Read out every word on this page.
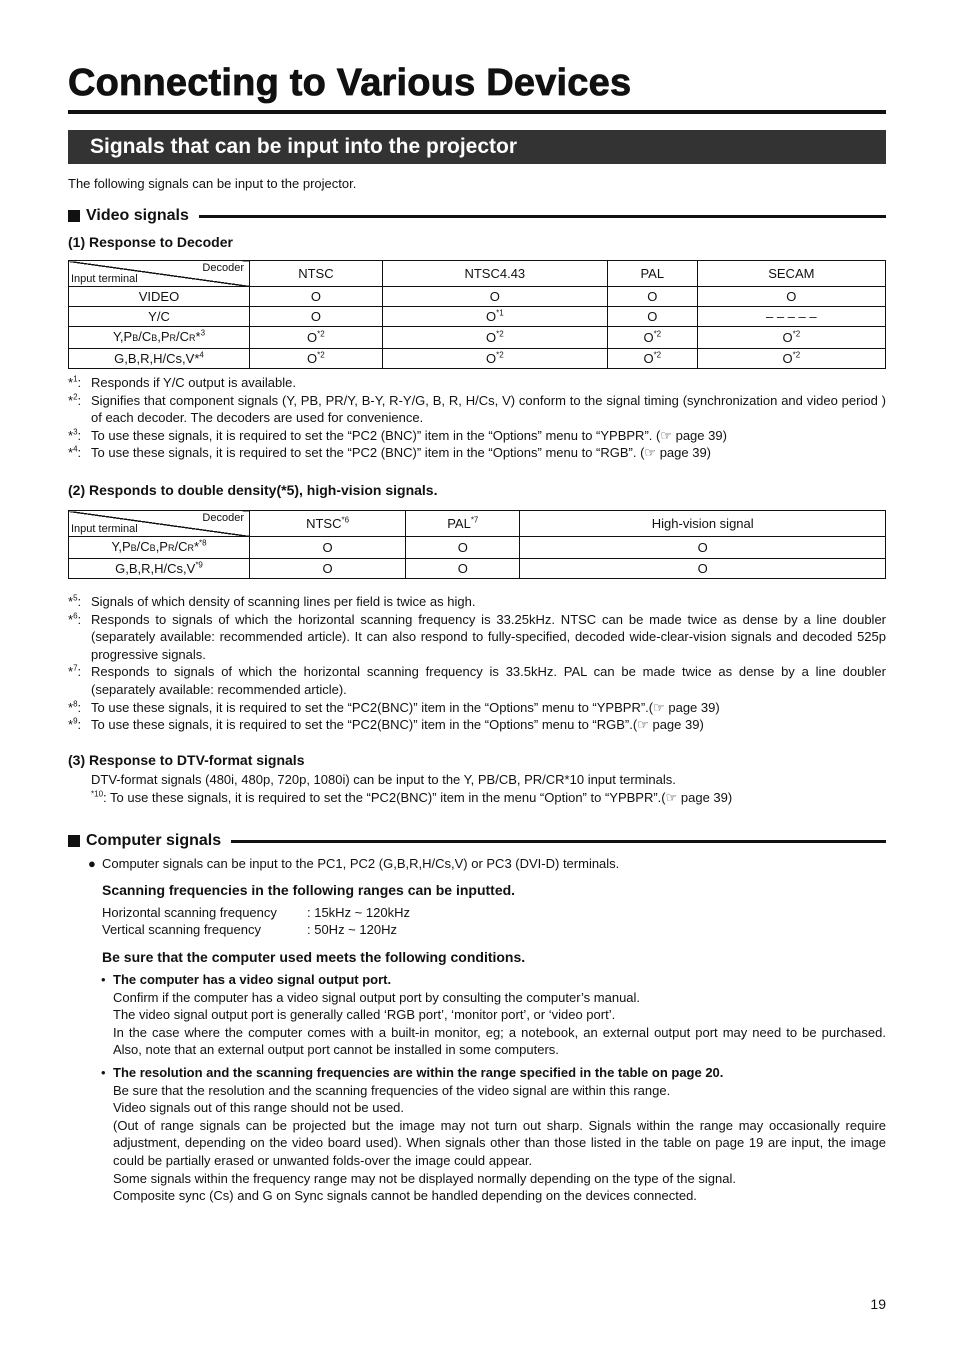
Connecting to Various Devices
Signals that can be input into the projector
The following signals can be input to the projector.
Video signals
(1) Response to Decoder
Decoder
Input terminal	NTSC	NTSC4.43	PAL	SECAM
VIDEO	O	O	O	O
Y/C	O	$O^{*1}$	O	– – – – –
Y,PB/CB,PR/CR*$^3$	$O^{*2}$	$O^{*2}$	$O^{*2}$	$O^{*2}$
G,B,R,H/Cs,V*$^4$	$O^{*2}$	$O^{*2}$	$O^{*2}$	$O^{*2}$
*$^1$: Responds if Y/C output is available.
*$^2$: Signifies that component signals (Y, PB, PR/Y, B-Y, R-Y/G, B, R, H/Cs, V) conform to the signal timing (synchronization and video period ) of each decoder. The decoders are used for convenience.
*$^3$: To use these signals, it is required to set the “PC2 (BNC)” item in the “Options” menu to “YPBPR”. (☞ page 39)
*$^4$: To use these signals, it is required to set the “PC2 (BNC)” item in the “Options” menu to “RGB”. (☞ page 39)
(2) Responds to double density(*5), high-vision signals.
Decoder
Input terminal	NTSC$^{*6}$	PAL$^{*7}$	High-vision signal
Y,PB/CB,PR/CR*$^{*8}$	O	O	O
$G,B,R,H/Cs,V^{*9}$	O	O	O
*$^5$: Signals of which density of scanning lines per field is twice as high.
*$^6$: Responds to signals of which the horizontal scanning frequency is 33.25kHz. NTSC can be made twice as dense by a line doubler (separately available: recommended article). It can also respond to fully-specified, decoded wide-clear-vision signals and decoded 525p progressive signals.
*$^7$: Responds to signals of which the horizontal scanning frequency is 33.5kHz. PAL can be made twice as dense by a line doubler (separately available: recommended article).
*$^8$: To use these signals, it is required to set the “PC2(BNC)” item in the “Options” menu to “YPBPR”.(☞ page 39)
*$^9$: To use these signals, it is required to set the “PC2(BNC)” item in the “Options” menu to “RGB”.(☞ page 39)
(3) Response to DTV-format signals
DTV-format signals (480i, 480p, 720p, 1080i) can be input to the Y, PB/CB, PR/CR*10 input terminals.
$^{*10}$: To use these signals, it is required to set the “PC2(BNC)” item in the menu “Option” to “YPBPR”.(☞ page 39)
Computer signals
● Computer signals can be input to the PC1, PC2 (G,B,R,H/Cs,V) or PC3 (DVI-D) terminals.
Scanning frequencies in the following ranges can be inputted.
Horizontal scanning frequency	: 15kHz ~ 120kHz
Vertical scanning frequency	: 50Hz ~ 120Hz
Be sure that the computer used meets the following conditions.
• The computer has a video signal output port.
Confirm if the computer has a video signal output port by consulting the computer’s manual.
The video signal output port is generally called ‘RGB port’, ‘monitor port’, or ‘video port’.
In the case where the computer comes with a built-in monitor, eg; a notebook, an external output port may need to be purchased. Also, note that an external output port cannot be installed in some computers.
• The resolution and the scanning frequencies are within the range specified in the table on page 20.
Be sure that the resolution and the scanning frequencies of the video signal are within this range.
Video signals out of this range should not be used.
(Out of range signals can be projected but the image may not turn out sharp. Signals within the range may occasionally require adjustment, depending on the video board used). When signals other than those listed in the table on page 19 are input, the image could be partially erased or unwanted folds-over the image could appear.
Some signals within the frequency range may not be displayed normally depending on the type of the signal.
Composite sync (Cs) and G on Sync signals cannot be handled depending on the devices connected.
19
